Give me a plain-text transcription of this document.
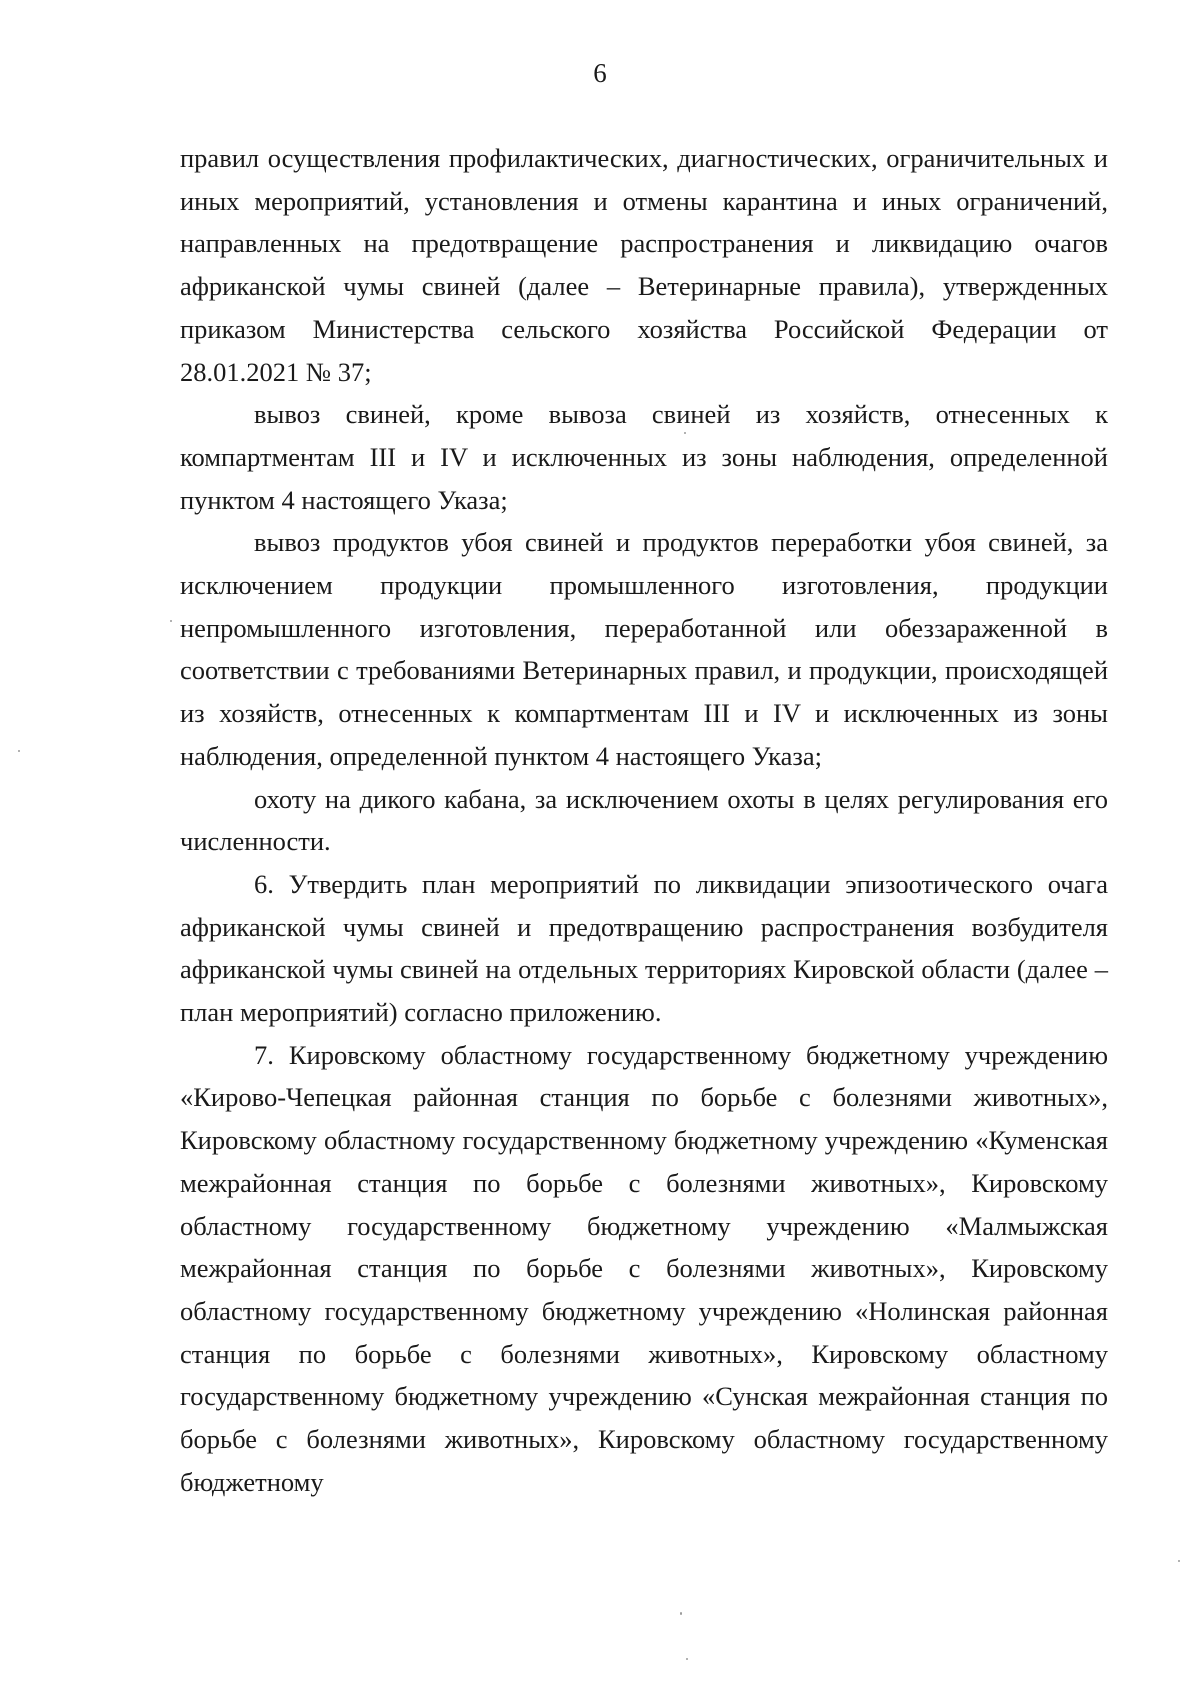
6

правил осуществления профилактических, диагностических, ограничительных и иных мероприятий, установления и отмены карантина и иных ограничений, направленных на предотвращение распространения и ликвидацию очагов африканской чумы свиней (далее – Ветеринарные правила), утвержденных приказом Министерства сельского хозяйства Российской Федерации от 28.01.2021 № 37;

вывоз свиней, кроме вывоза свиней из хозяйств, отнесенных к компартментам III и IV и исключенных из зоны наблюдения, определенной пунктом 4 настоящего Указа;

вывоз продуктов убоя свиней и продуктов переработки убоя свиней, за исключением продукции промышленного изготовления, продукции непромышленного изготовления, переработанной или обеззараженной в соответствии с требованиями Ветеринарных правил, и продукции, происходящей из хозяйств, отнесенных к компартментам III и IV и исключенных из зоны наблюдения, определенной пунктом 4 настоящего Указа;

охоту на дикого кабана, за исключением охоты в целях регулирования его численности.

6. Утвердить план мероприятий по ликвидации эпизоотического очага африканской чумы свиней и предотвращению распространения возбудителя африканской чумы свиней на отдельных территориях Кировской области (далее – план мероприятий) согласно приложению.

7. Кировскому областному государственному бюджетному учреждению «Кирово-Чепецкая районная станция по борьбе с болезнями животных», Кировскому областному государственному бюджетному учреждению «Куменская межрайонная станция по борьбе с болезнями животных», Кировскому областному государственному бюджетному учреждению «Малмыжская межрайонная станция по борьбе с болезнями животных», Кировскому областному государственному бюджетному учреждению «Нолинская районная станция по борьбе с болезнями животных», Кировскому областному государственному бюджетному учреждению «Сунская межрайонная станция по борьбе с болезнями животных», Кировскому областному государственному бюджетному
